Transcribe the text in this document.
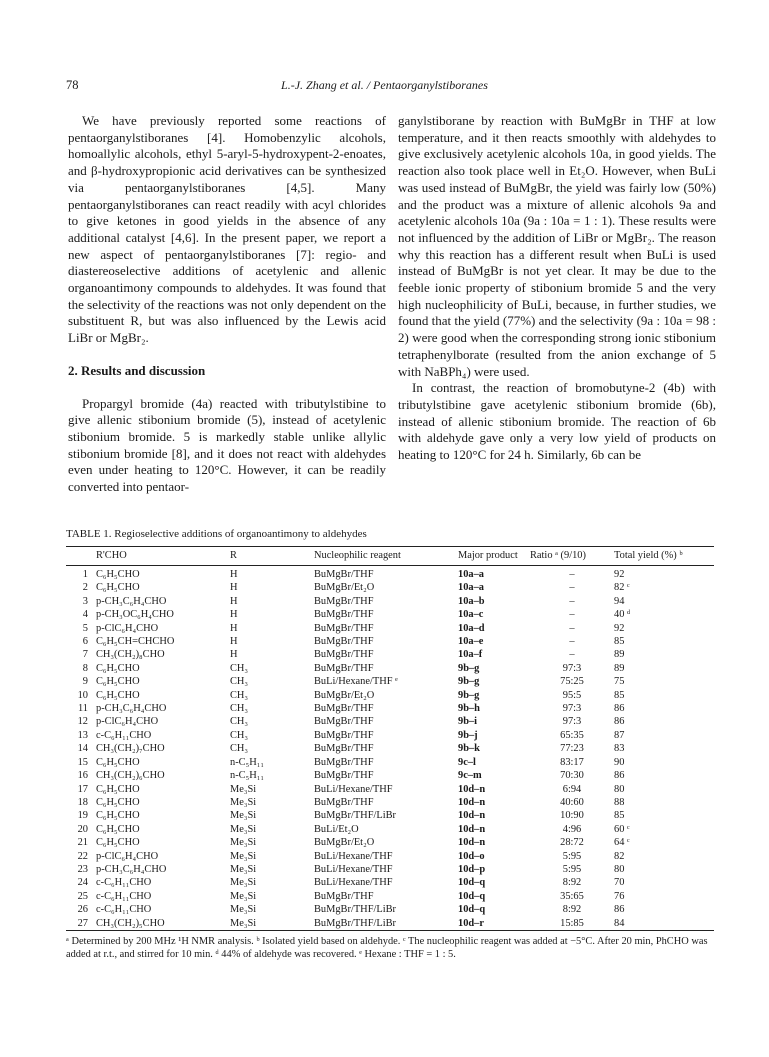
78	L.-J. Zhang et al. / Pentaorganylstiboranes

We have previously reported some reactions of pentaorganylstiboranes [4]. Homobenzylic alcohols, homoallylic alcohols, ethyl 5-aryl-5-hydroxypent-2-enoates, and β-hydroxypropionic acid derivatives can be synthesized via pentaorganylstiboranes [4,5]. Many pentaorganylstiboranes can react readily with acyl chlorides to give ketones in good yields in the absence of any additional catalyst [4,6]. In the present paper, we report a new aspect of pentaorganylstiboranes [7]: regio- and diastereoselective additions of acetylenic and allenic organoantimony compounds to aldehydes. It was found that the selectivity of the reactions was not only dependent on the substituent R, but was also influenced by the Lewis acid LiBr or MgBr₂.

2. Results and discussion

Propargyl bromide (4a) reacted with tributylstibine to give allenic stibonium bromide (5), instead of acetylenic stibonium bromide. 5 is markedly stable unlike allylic stibonium bromide [8], and it does not react with aldehydes even under heating to 120°C. However, it can be readily converted into pentaor-

ganylstiborane by reaction with BuMgBr in THF at low temperature, and it then reacts smoothly with aldehydes to give exclusively acetylenic alcohols 10a, in good yields. The reaction also took place well in Et₂O. However, when BuLi was used instead of BuMgBr, the yield was fairly low (50%) and the product was a mixture of allenic alcohols 9a and acetylenic alcohols 10a (9a : 10a = 1 : 1). These results were not influenced by the addition of LiBr or MgBr₂. The reason why this reaction has a different result when BuLi is used instead of BuMgBr is not yet clear. It may be due to the feeble ionic property of stibonium bromide 5 and the very high nucleophilicity of BuLi, because, in further studies, we found that the yield (77%) and the selectivity (9a : 10a = 98 : 2) were good when the corresponding strong ionic stibonium tetraphenylborate (resulted from the anion exchange of 5 with NaBPh₄) were used.

In contrast, the reaction of bromobutyne-2 (4b) with tributylstibine gave acetylenic stibonium bromide (6b), instead of allenic stibonium bromide. The reaction of 6b with aldehyde gave only a very low yield of products on heating to 120°C for 24 h. Similarly, 6b can be

TABLE 1. Regioselective additions of organoantimony to aldehydes
	R'CHO	R	Nucleophilic reagent	Major product	Ratio ᵃ (9/10)	Total yield (%) ᵇ
1	C₆H₅CHO	H	BuMgBr/THF	10a–a	–	92
2	C₆H₅CHO	H	BuMgBr/Et₂O	10a–a	–	82 ᶜ
3	p-CH₃C₆H₄CHO	H	BuMgBr/THF	10a–b	–	94
4	p-CH₃OC₆H₄CHO	H	BuMgBr/THF	10a–c	–	40 ᵈ
5	p-ClC₆H₄CHO	H	BuMgBr/THF	10a–d	–	92
6	C₆H₅CH=CHCHO	H	BuMgBr/THF	10a–e	–	85
7	CH₃(CH₂)₈CHO	H	BuMgBr/THF	10a–f	–	89
8	C₆H₅CHO	CH₃	BuMgBr/THF	9b–g	97:3	89
9	C₆H₅CHO	CH₃	BuLi/Hexane/THF ᵉ	9b–g	75:25	75
10	C₆H₅CHO	CH₃	BuMgBr/Et₂O	9b–g	95:5	85
11	p-CH₃C₆H₄CHO	CH₃	BuMgBr/THF	9b–h	97:3	86
12	p-ClC₆H₄CHO	CH₃	BuMgBr/THF	9b–i	97:3	86
13	c-C₆H₁₁CHO	CH₃	BuMgBr/THF	9b–j	65:35	87
14	CH₃(CH₂)₇CHO	CH₃	BuMgBr/THF	9b–k	77:23	83
15	C₆H₅CHO	n-C₅H₁₁	BuMgBr/THF	9c–l	83:17	90
16	CH₃(CH₂)₆CHO	n-C₅H₁₁	BuMgBr/THF	9c–m	70:30	86
17	C₆H₅CHO	Me₃Si	BuLi/Hexane/THF	10d–n	6:94	80
18	C₆H₅CHO	Me₃Si	BuMgBr/THF	10d–n	40:60	88
19	C₆H₅CHO	Me₃Si	BuMgBr/THF/LiBr	10d–n	10:90	85
20	C₆H₅CHO	Me₃Si	BuLi/Et₂O	10d–n	4:96	60 ᶜ
21	C₆H₅CHO	Me₃Si	BuMgBr/Et₂O	10d–n	28:72	64 ᶜ
22	p-ClC₆H₄CHO	Me₃Si	BuLi/Hexane/THF	10d–o	5:95	82
23	p-CH₃C₆H₄CHO	Me₃Si	BuLi/Hexane/THF	10d–p	5:95	80
24	c-C₆H₁₁CHO	Me₃Si	BuLi/Hexane/THF	10d–q	8:92	70
25	c-C₆H₁₁CHO	Me₃Si	BuMgBr/THF	10d–q	35:65	76
26	c-C₆H₁₁CHO	Me₃Si	BuMgBr/THF/LiBr	10d–q	8:92	86
27	CH₃(CH₂)₅CHO	Me₃Si	BuMgBr/THF/LiBr	10d–r	15:85	84
ᵃ Determined by 200 MHz ¹H NMR analysis. ᵇ Isolated yield based on aldehyde. ᶜ The nucleophilic reagent was added at −5°C. After 20 min, PhCHO was added at r.t., and stirred for 10 min. ᵈ 44% of aldehyde was recovered. ᵉ Hexane : THF = 1 : 5.
